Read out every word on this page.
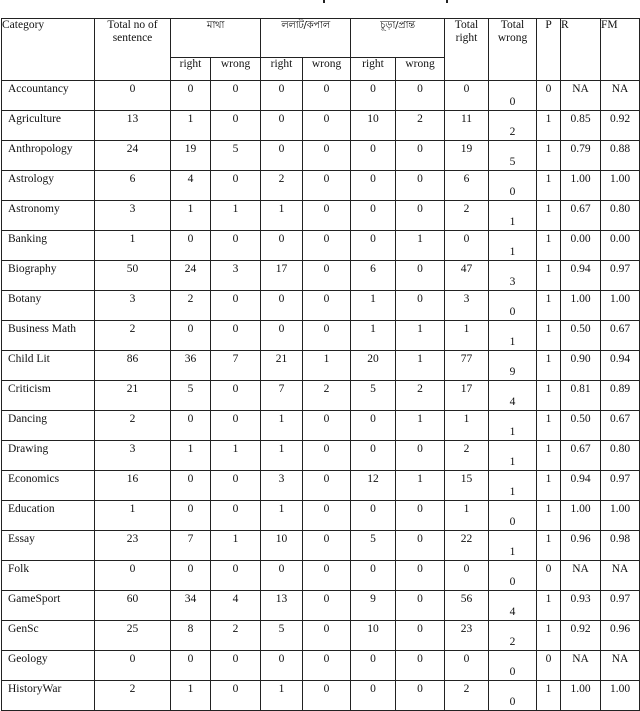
Category	Total no of sentence	মাথা		ললাট/কপাল		চূড়া/প্রান্ত		Total right	Total wrong	P	R	FM
		right	wrong	right	wrong	right	wrong					
Accountancy	0	0	0	0	0	0	0	0	0	0	NA	NA
Agriculture	13	1	0	0	0	10	2	11	2	1	0.85	0.92
Anthropology	24	19	5	0	0	0	0	19	5	1	0.79	0.88
Astrology	6	4	0	2	0	0	0	6	0	1	1.00	1.00
Astronomy	3	1	1	1	0	0	0	2	1	1	0.67	0.80
Banking	1	0	0	0	0	0	1	0	1	1	0.00	0.00
Biography	50	24	3	17	0	6	0	47	3	1	0.94	0.97
Botany	3	2	0	0	0	1	0	3	0	1	1.00	1.00
Business Math	2	0	0	0	0	1	1	1	1	1	0.50	0.67
Child Lit	86	36	7	21	1	20	1	77	9	1	0.90	0.94
Criticism	21	5	0	7	2	5	2	17	4	1	0.81	0.89
Dancing	2	0	0	1	0	0	1	1	1	1	0.50	0.67
Drawing	3	1	1	1	0	0	0	2	1	1	0.67	0.80
Economics	16	0	0	3	0	12	1	15	1	1	0.94	0.97
Education	1	0	0	1	0	0	0	1	0	1	1.00	1.00
Essay	23	7	1	10	0	5	0	22	1	1	0.96	0.98
Folk	0	0	0	0	0	0	0	0	0	0	NA	NA
GameSport	60	34	4	13	0	9	0	56	4	1	0.93	0.97
GenSc	25	8	2	5	0	10	0	23	2	1	0.92	0.96
Geology	0	0	0	0	0	0	0	0	0	0	NA	NA
HistoryWar	2	1	0	1	0	0	0	2	0	1	1.00	1.00
